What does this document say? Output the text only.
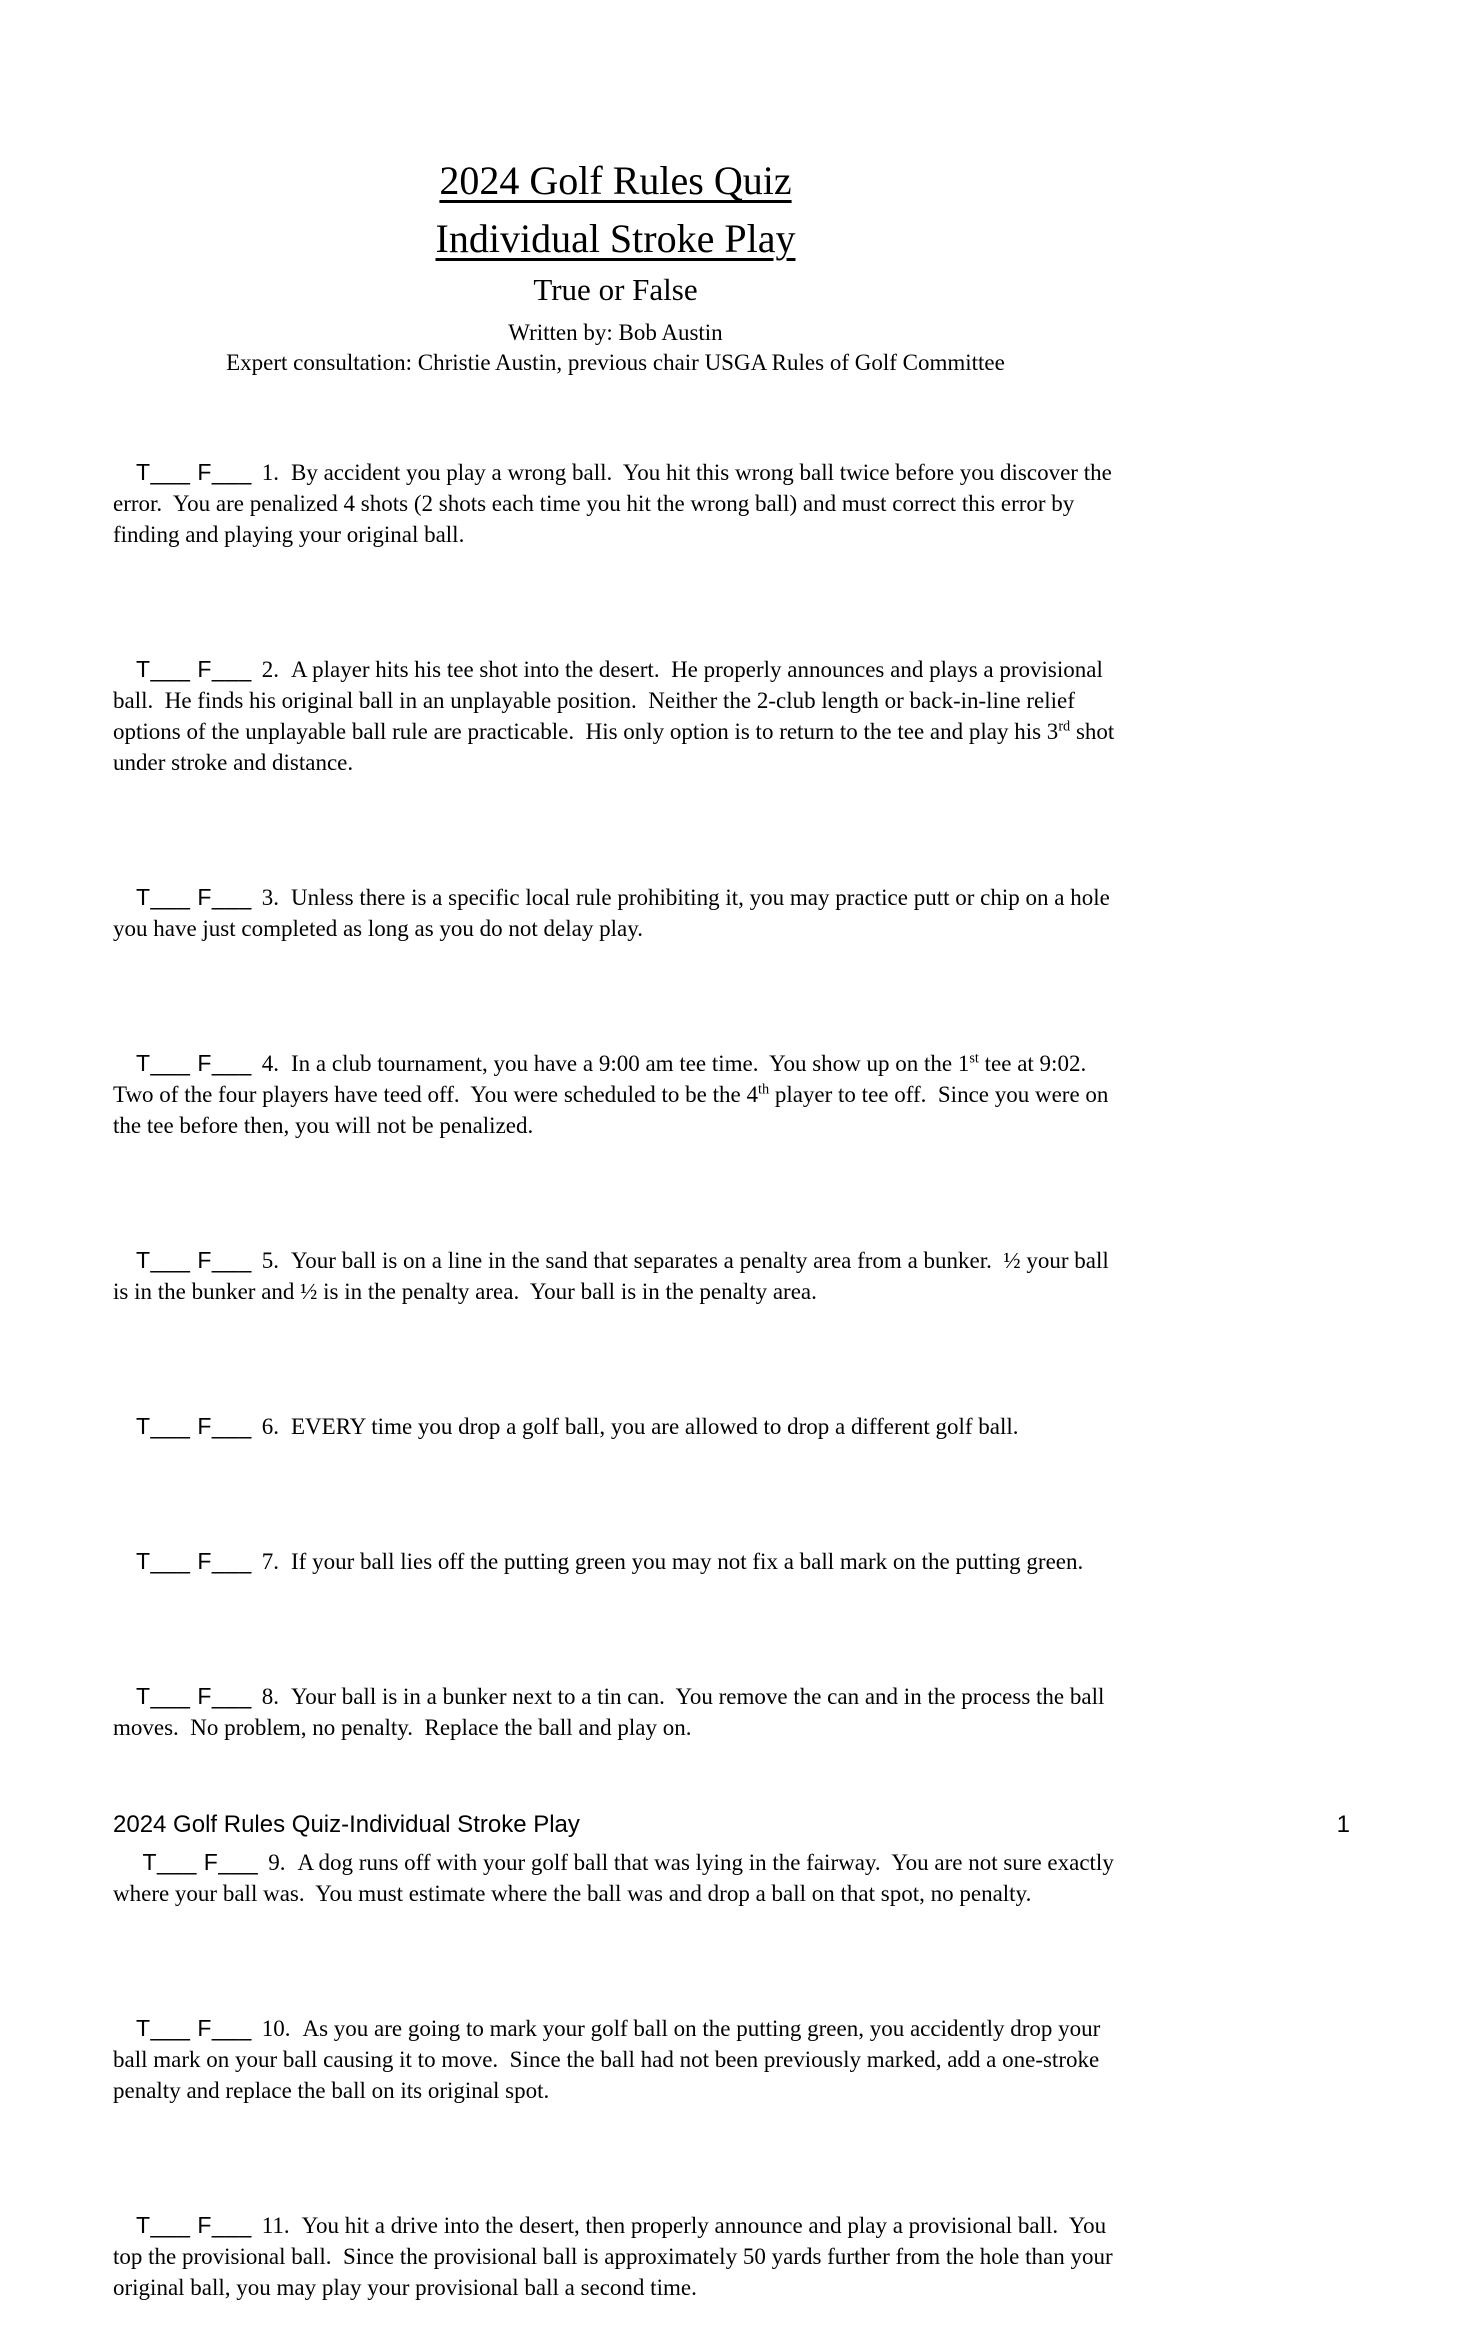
2024 Golf Rules Quiz
Individual Stroke Play
True or False
Written by: Bob Austin
Expert consultation: Christie Austin, previous chair USGA Rules of Golf Committee

T___ F___ 1. By accident you play a wrong ball.  You hit this wrong ball twice before you discover the error.  You are penalized 4 shots (2 shots each time you hit the wrong ball) and must correct this error by finding and playing your original ball.

T___ F___ 2. A player hits his tee shot into the desert.  He properly announces and plays a provisional ball.  He finds his original ball in an unplayable position.  Neither the 2-club length or back-in-line relief options of the unplayable ball rule are practicable.  His only option is to return to the tee and play his 3rd shot under stroke and distance.

T___ F___ 3. Unless there is a specific local rule prohibiting it, you may practice putt or chip on a hole you have just completed as long as you do not delay play.

T___ F___ 4. In a club tournament, you have a 9:00 am tee time.  You show up on the 1st tee at 9:02.  Two of the four players have teed off.  You were scheduled to be the 4th player to tee off.  Since you were on the tee before then, you will not be penalized.

T___ F___ 5. Your ball is on a line in the sand that separates a penalty area from a bunker.  ½ your ball is in the bunker and ½ is in the penalty area.  Your ball is in the penalty area.

T___ F___ 6. EVERY time you drop a golf ball, you are allowed to drop a different golf ball.

T___ F___ 7. If your ball lies off the putting green you may not fix a ball mark on the putting green.

T___ F___ 8. Your ball is in a bunker next to a tin can.  You remove the can and in the process the ball moves.  No problem, no penalty.  Replace the ball and play on.

T___ F___ 9. A dog runs off with your golf ball that was lying in the fairway.  You are not sure exactly where your ball was.  You must estimate where the ball was and drop a ball on that spot, no penalty.

T___ F___ 10. As you are going to mark your golf ball on the putting green, you accidently drop your ball mark on your ball causing it to move.  Since the ball had not been previously marked, add a one-stroke penalty and replace the ball on its original spot.

T___ F___ 11. You hit a drive into the desert, then properly announce and play a provisional ball.  You top the provisional ball.  Since the provisional ball is approximately 50 yards further from the hole than your original ball, you may play your provisional ball a second time.

2024 Golf Rules Quiz-Individual Stroke Play	1
